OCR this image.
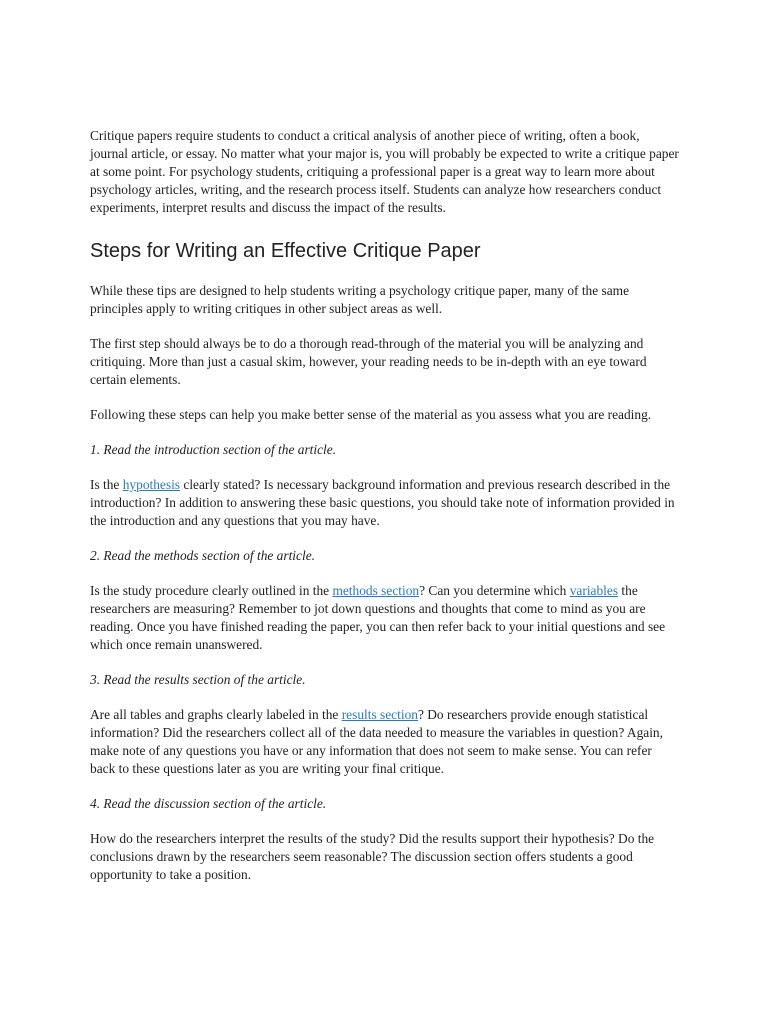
Critique papers require students to conduct a critical analysis of another piece of writing, often a book, journal article, or essay. No matter what your major is, you will probably be expected to write a critique paper at some point. For psychology students, critiquing a professional paper is a great way to learn more about psychology articles, writing, and the research process itself. Students can analyze how researchers conduct experiments, interpret results and discuss the impact of the results.

Steps for Writing an Effective Critique Paper

While these tips are designed to help students writing a psychology critique paper, many of the same principles apply to writing critiques in other subject areas as well.

The first step should always be to do a thorough read-through of the material you will be analyzing and critiquing. More than just a casual skim, however, your reading needs to be in-depth with an eye toward certain elements.

Following these steps can help you make better sense of the material as you assess what you are reading.

1. Read the introduction section of the article.

Is the hypothesis clearly stated? Is necessary background information and previous research described in the introduction? In addition to answering these basic questions, you should take note of information provided in the introduction and any questions that you may have.

2. Read the methods section of the article.

Is the study procedure clearly outlined in the methods section? Can you determine which variables the researchers are measuring? Remember to jot down questions and thoughts that come to mind as you are reading. Once you have finished reading the paper, you can then refer back to your initial questions and see which once remain unanswered.

3. Read the results section of the article.

Are all tables and graphs clearly labeled in the results section? Do researchers provide enough statistical information? Did the researchers collect all of the data needed to measure the variables in question? Again, make note of any questions you have or any information that does not seem to make sense. You can refer back to these questions later as you are writing your final critique.

4. Read the discussion section of the article.

How do the researchers interpret the results of the study? Did the results support their hypothesis? Do the conclusions drawn by the researchers seem reasonable? The discussion section offers students a good opportunity to take a position.
